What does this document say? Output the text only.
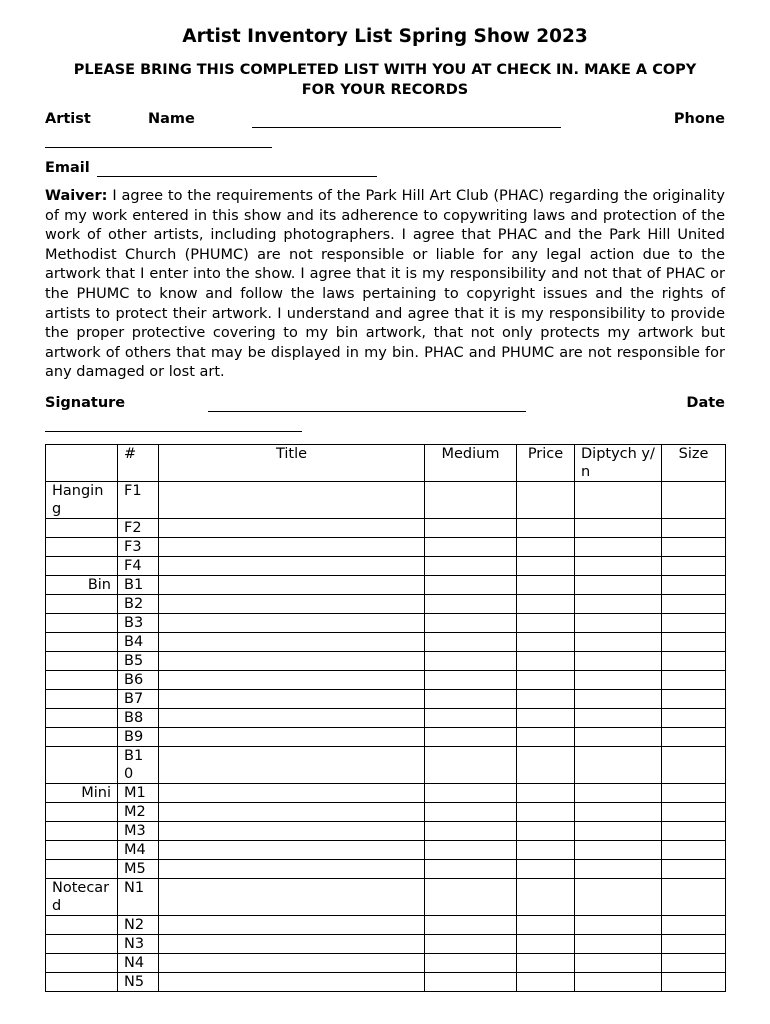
Artist Inventory List Spring Show 2023
PLEASE BRING THIS COMPLETED LIST WITH YOU AT CHECK IN. MAKE A COPY FOR YOUR RECORDS
Artist	Name	Phone
Email
Waiver: I agree to the requirements of the Park Hill Art Club (PHAC) regarding the originality of my work entered in this show and its adherence to copywriting laws and protection of the work of other artists, including photographers. I agree that PHAC and the Park Hill United Methodist Church (PHUMC) are not responsible or liable for any legal action due to the artwork that I enter into the show. I agree that it is my responsibility and not that of PHAC or the PHUMC to know and follow the laws pertaining to copyright issues and the rights of artists to protect their artwork. I understand and agree that it is my responsibility to provide the proper protective covering to my bin artwork, that not only protects my artwork but artwork of others that may be displayed in my bin. PHAC and PHUMC are not responsible for any damaged or lost art.
Signature	Date
	#	Title	Medium	Price	Diptych y/n	Size
Hanging	F1					
	F2					
	F3					
	F4					
Bin	B1					
	B2					
	B3					
	B4					
	B5					
	B6					
	B7					
	B8					
	B9					
	B10					
Mini	M1					
	M2					
	M3					
	M4					
	M5					
Notecard	N1					
	N2					
	N3					
	N4					
	N5					
